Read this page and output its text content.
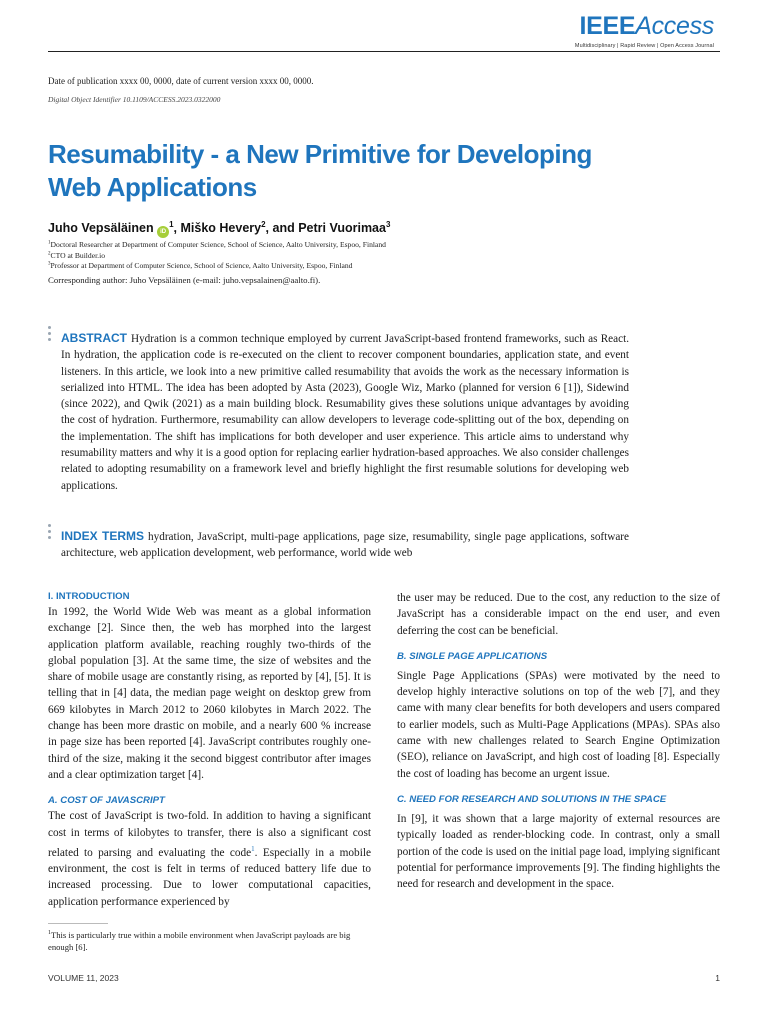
IEEEAccess
Multidisciplinary | Rapid Review | Open Access Journal
Date of publication xxxx 00, 0000, date of current version xxxx 00, 0000.
Digital Object Identifier 10.1109/ACCESS.2023.0322000
Resumability - a New Primitive for Developing Web Applications
Juho Vepsäläinen $iD^1$, Miško Hevery$^2$, and Petri Vuorimaa$^3$
$^1$Doctoral Researcher at Department of Computer Science, School of Science, Aalto University, Espoo, Finland
$^2$CTO at Builder.io
$^3$Professor at Department of Computer Science, School of Science, Aalto University, Espoo, Finland
Corresponding author: Juho Vepsäläinen (e-mail: juho.vepsalainen@aalto.fi).
ABSTRACT Hydration is a common technique employed by current JavaScript-based frontend frameworks, such as React. In hydration, the application code is re-executed on the client to recover component boundaries, application state, and event listeners. In this article, we look into a new primitive called resumability that avoids the work as the necessary information is serialized into HTML. The idea has been adopted by Asta (2023), Google Wiz, Marko (planned for version 6 [1]), Sidewind (since 2022), and Qwik (2021) as a main building block. Resumability gives these solutions unique advantages by avoiding the cost of hydration. Furthermore, resumability can allow developers to leverage code-splitting out of the box, depending on the implementation. The shift has implications for both developer and user experience. This article aims to understand why resumability matters and why it is a good option for replacing earlier hydration-based approaches. We also consider challenges related to adopting resumability on a framework level and briefly highlight the first resumable solutions for developing web applications.
INDEX TERMS hydration, JavaScript, multi-page applications, page size, resumability, single page applications, software architecture, web application development, web performance, world wide web
I. INTRODUCTION

In 1992, the World Wide Web was meant as a global information exchange [2]. Since then, the web has morphed into the largest application platform available, reaching roughly two-thirds of the global population [3]. At the same time, the size of websites and the share of mobile usage are constantly rising, as reported by [4], [5]. It is telling that in [4] data, the median page weight on desktop grew from 669 kilobytes in March 2012 to 2060 kilobytes in March 2022. The change has been more drastic on mobile, and a nearly 600 % increase in page size has been reported [4]. JavaScript contributes roughly one-third of the size, making it the second biggest contributor after images and a clear optimization target [4].

A. COST OF JAVASCRIPT

The cost of JavaScript is two-fold. In addition to having a significant cost in terms of kilobytes to transfer, there is also a significant cost related to parsing and evaluating the code$^1$. Especially in a mobile environment, the cost is felt in terms of reduced battery life due to increased processing. Due to lower computational capacities, application performance experienced by

$^1$This is particularly true within a mobile environment when JavaScript payloads are big enough [6].

the user may be reduced. Due to the cost, any reduction to the size of JavaScript has a considerable impact on the end user, and even deferring the cost can be beneficial.

B. SINGLE PAGE APPLICATIONS

Single Page Applications (SPAs) were motivated by the need to develop highly interactive solutions on top of the web [7], and they came with many clear benefits for both developers and users compared to earlier models, such as Multi-Page Applications (MPAs). SPAs also came with new challenges related to Search Engine Optimization (SEO), reliance on JavaScript, and high cost of loading [8]. Especially the cost of loading has become an urgent issue.

C. NEED FOR RESEARCH AND SOLUTIONS IN THE SPACE

In [9], it was shown that a large majority of external resources are typically loaded as render-blocking code. In contrast, only a small portion of the code is used on the initial page load, implying significant potential for performance improvements [9]. The finding highlights the need for research and development in the space.

VOLUME 11, 2023	1
